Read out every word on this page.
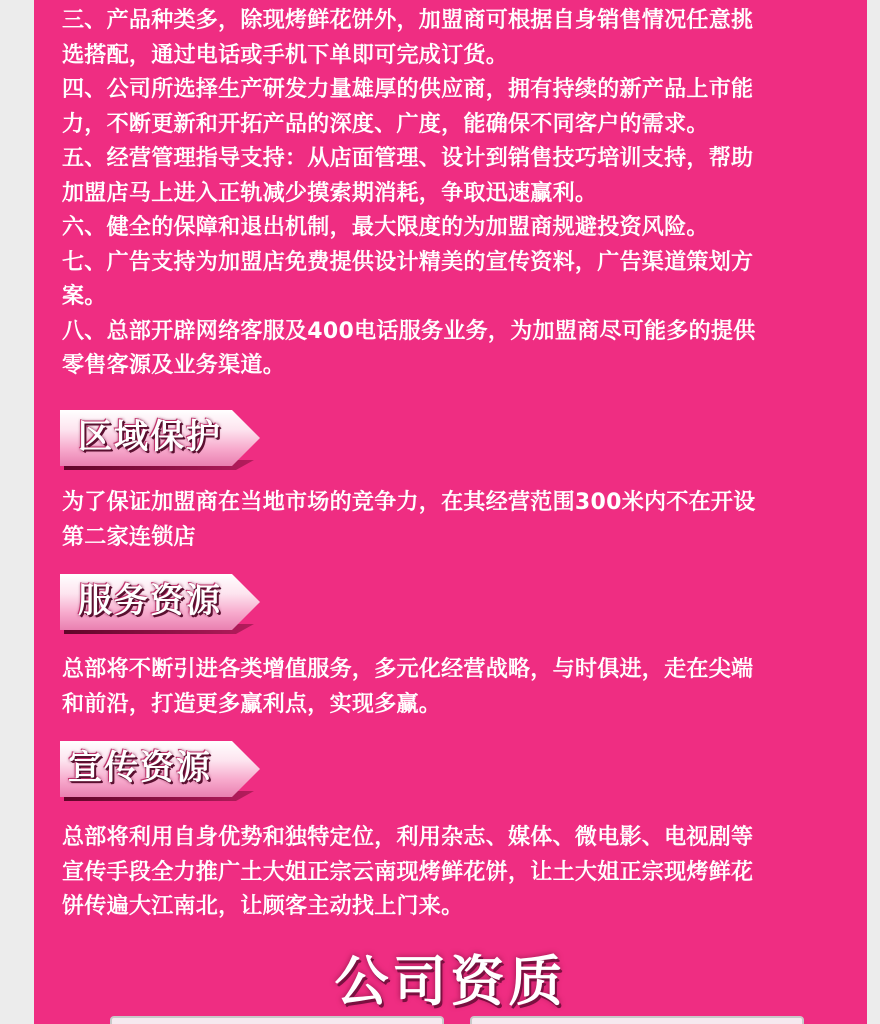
三、产品种类多，除现烤鲜花饼外，加盟商可根据自身销售情况任意挑
选搭配，通过电话或手机下单即可完成订货。
四、公司所选择生产研发力量雄厚的供应商，拥有持续的新产品上市能
力，不断更新和开拓产品的深度、广度，能确保不同客户的需求。
五、经营管理指导支持：从店面管理、设计到销售技巧培训支持，帮助
加盟店马上进入正轨减少摸索期消耗，争取迅速赢利。
六、健全的保障和退出机制，最大限度的为加盟商规避投资风险。
七、广告支持为加盟店免费提供设计精美的宣传资料，广告渠道策划方
案。
八、总部开辟网络客服及400电话服务业务，为加盟商尽可能多的提供
零售客源及业务渠道。
区域保护
为了保证加盟商在当地市场的竞争力，在其经营范围300米内不在开设
第二家连锁店
服务资源
总部将不断引进各类增值服务，多元化经营战略，与时俱进，走在尖端
和前沿，打造更多赢利点，实现多赢。
宣传资源
总部将利用自身优势和独特定位，利用杂志、媒体、微电影、电视剧等
宣传手段全力推广土大姐正宗云南现烤鲜花饼，让土大姐正宗现烤鲜花
饼传遍大江南北，让顾客主动找上门来。
公司资质
